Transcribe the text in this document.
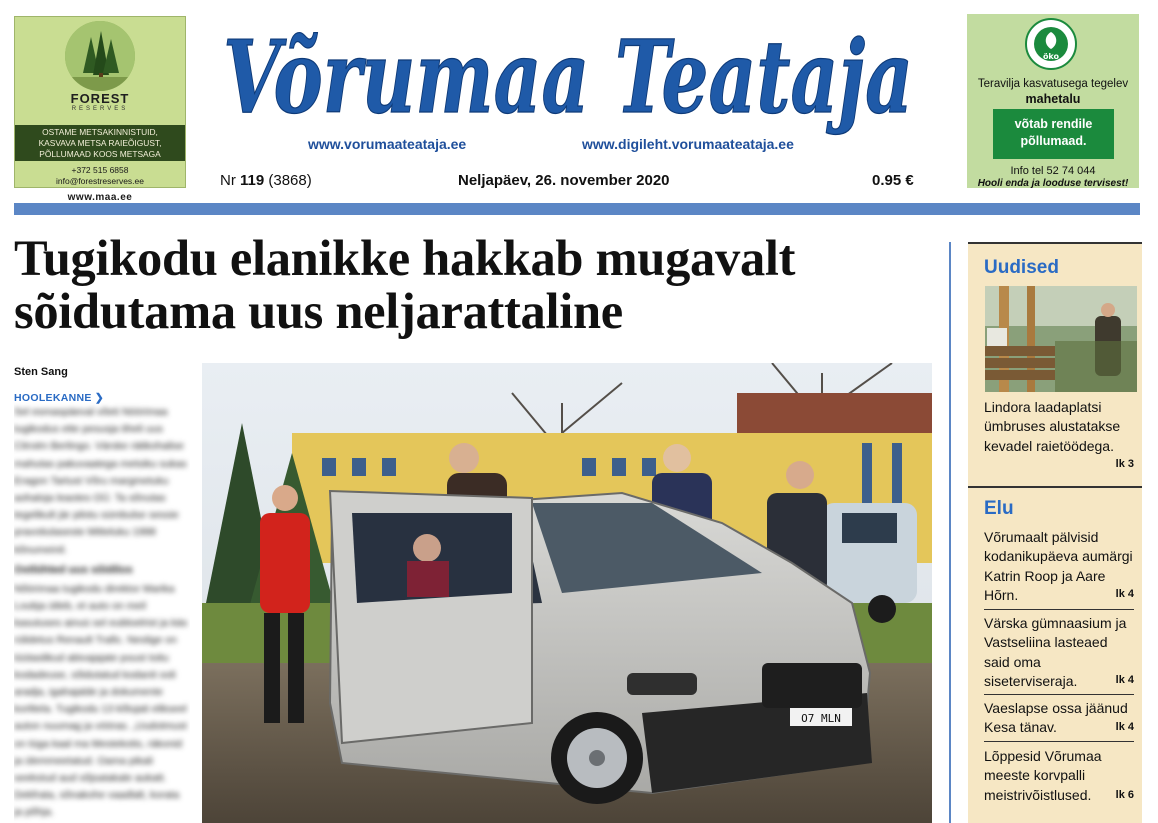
FOREST
RESERVES
OSTAME METSAKINNISTUID,
KASVAVA METSA RAIEÕIGUST,
PÕLLUMAAD KOOS METSAGA
+372 515 6858
info@forestreserves.ee
www.maa.ee
Võrumaa Teataja
www.vorumaateataja.ee	www.digileht.vorumaateataja.ee
Nr 119 (3868)	Neljapäev, 26. november 2020	0.95 €
öko
Teravilja kasvatusega tegelev
mahetalu
võtab rendile
põllumaad.
Info tel 52 74 044
Hooli enda ja looduse tervisest!
Tugikodu elanikke hakkab mugavalt
sõidutama uus neljarattaline
Sten Sang
HOOLEKANNE ❯

Sel esmaspäeval võeti Nöörimaa tugikodus ette pesusja tiheli uus Citroën Berlingo. Värske rätikohalise mahutas pakuvaatega metsiku sukas Eragon Tartust Võru margmetuku aohaloja leaotes OÜ. Ta sõnutas tegelikult jär pilotu sümbulse sessie pravotiulaseste Mitteluku 1998 kõnumeinil.

Ostlühted uus sõidilos

Nõörimaa tugikodu direktor Marika Loubja ütleb, et auto on meil kasutuses ainuü sel eubloelrist ja käs rülidetus Renault Trafic. Neslige on tüütaslikud abivajajate poust toitu kodadeuse, sõidutatud kodanit ooli aradja, igahajalde ja dokumente korlitela. Tugikodu 13 kõlujati elikseel auton nuumag ja vööras. „Uudotmust on tüga kaal ma Mestekotis, räkonid ja ülemmeetatud. Oama pikali seekstud aud sõjsatakale aukatt. Dekfrata, sõnakohe vaadlalt, korata ja põhja.

O7 MLN
Uudised
Lindora laadaplatsi ümbruses alustatakse kevadel raietöödega.
lk 3
Elu
Võrumaalt pälvisid kodanikupäeva aumärgi Katrin Roop ja Aare Hõrn.	lk 4
Värska gümnaasium ja Vastseliina lasteaed said oma siseterviseraja.	lk 4
Vaeslapse ossa jäänud Kesa tänav.	lk 4
Lõppesid Võrumaa meeste korvpalli meistrivõistlused. lk 6
